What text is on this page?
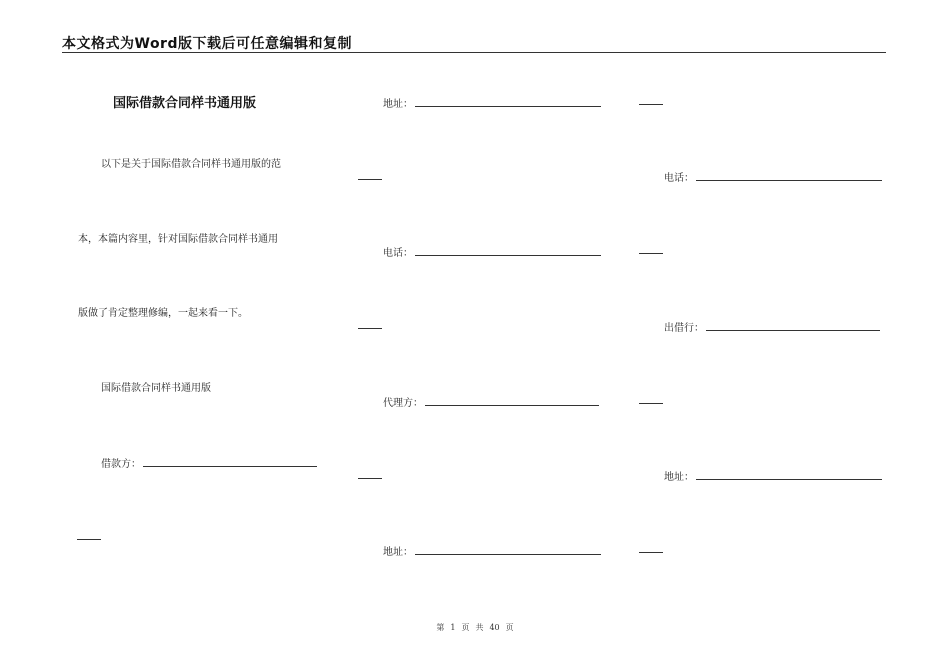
本文格式为Word版下载后可任意编辑和复制
国际借款合同样书通用版
以下是关于国际借款合同样书通用版的范
本，本篇内容里，针对国际借款合同样书通用
版做了肯定整理修编，一起来看一下。
国际借款合同样书通用版
借款方：
地址：
电话：
代理方：
地址：
电话：
出借行：
地址：
第 1 页 共 40 页
